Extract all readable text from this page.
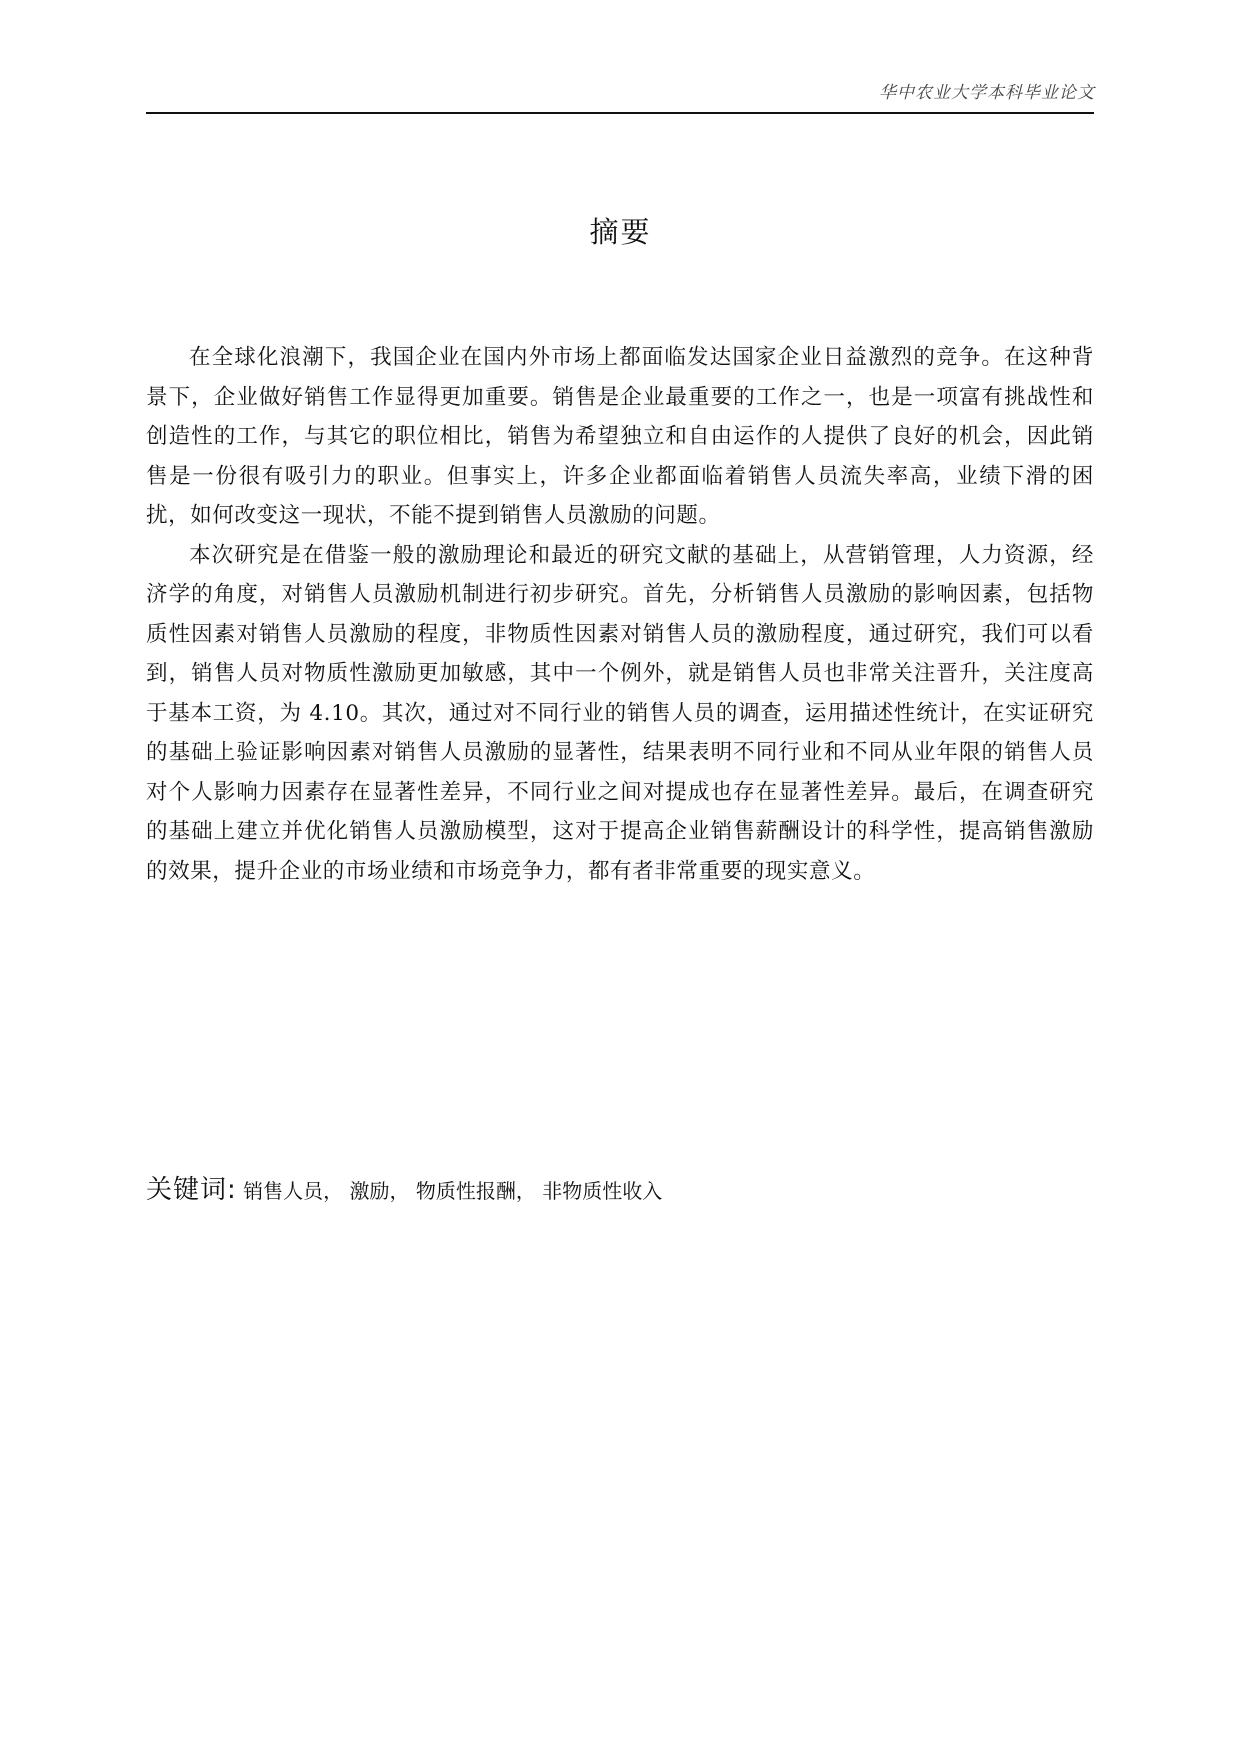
华中农业大学本科毕业论文
摘要

在全球化浪潮下，我国企业在国内外市场上都面临发达国家企业日益激烈的竞争。在这种背景下，企业做好销售工作显得更加重要。销售是企业最重要的工作之一，也是一项富有挑战性和创造性的工作，与其它的职位相比，销售为希望独立和自由运作的人提供了良好的机会，因此销售是一份很有吸引力的职业。但事实上，许多企业都面临着销售人员流失率高，业绩下滑的困扰，如何改变这一现状，不能不提到销售人员激励的问题。

本次研究是在借鉴一般的激励理论和最近的研究文献的基础上，从营销管理，人力资源，经济学的角度，对销售人员激励机制进行初步研究。首先，分析销售人员激励的影响因素，包括物质性因素对销售人员激励的程度，非物质性因素对销售人员的激励程度，通过研究，我们可以看到，销售人员对物质性激励更加敏感，其中一个例外，就是销售人员也非常关注晋升，关注度高于基本工资，为 4.10。其次，通过对不同行业的销售人员的调查，运用描述性统计，在实证研究的基础上验证影响因素对销售人员激励的显著性，结果表明不同行业和不同从业年限的销售人员对个人影响力因素存在显著性差异，不同行业之间对提成也存在显著性差异。最后，在调查研究的基础上建立并优化销售人员激励模型，这对于提高企业销售薪酬设计的科学性，提高销售激励的效果，提升企业的市场业绩和市场竞争力，都有者非常重要的现实意义。

关键词: 销售人员， 激励， 物质性报酬， 非物质性收入
